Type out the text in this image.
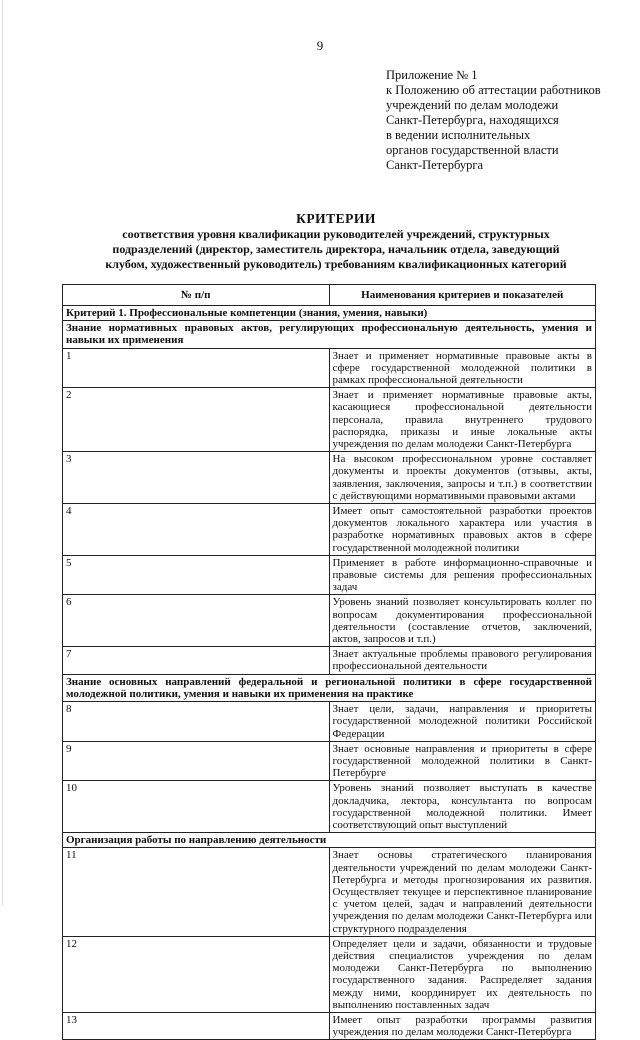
9
Приложение № 1
к Положению об аттестации работников
учреждений по делам молодежи
Санкт-Петербурга, находящихся
в ведении исполнительных
органов государственной власти
Санкт-Петербурга
КРИТЕРИИ
соответствия уровня квалификации руководителей учреждений, структурных
подразделений (директор, заместитель директора, начальник отдела, заведующий
клубом, художественный руководитель) требованиям квалификационных категорий
№ п/п	Наименования критериев и показателей
Критерий 1. Профессиональные компетенции (знания, умения, навыки)	
Знание нормативных правовых актов, регулирующих профессиональную деятельность, умения и навыки их применения	
1	Знает и применяет нормативные правовые акты в сфере государственной молодежной политики в рамках профессиональной деятельности
2	Знает и применяет нормативные правовые акты, касающиеся профессиональной деятельности персонала, правила внутреннего трудового распорядка, приказы и иные локальные акты учреждения по делам молодежи Санкт-Петербурга
3	На высоком профессиональном уровне составляет документы и проекты документов (отзывы, акты, заявления, заключения, запросы и т.п.) в соответствии с действующими нормативными правовыми актами
4	Имеет опыт самостоятельной разработки проектов документов локального характера или участия в разработке нормативных правовых актов в сфере государственной молодежной политики
5	Применяет в работе информационно-справочные и правовые системы для решения профессиональных задач
6	Уровень знаний позволяет консультировать коллег по вопросам документирования профессиональной деятельности (составление отчетов, заключений, актов, запросов и т.п.)
7	Знает актуальные проблемы правового регулирования профессиональной деятельности
Знание основных направлений федеральной и региональной политики в сфере государственной молодежной политики, умения и навыки их применения на практике	
8	Знает цели, задачи, направления и приоритеты государственной молодежной политики Российской Федерации
9	Знает основные направления и приоритеты в сфере государственной молодежной политики в Санкт-Петербурге
10	Уровень знаний позволяет выступать в качестве докладчика, лектора, консультанта по вопросам государственной молодежной политики. Имеет соответствующий опыт выступлений
Организация работы по направлению деятельности	
11	Знает основы стратегического планирования деятельности учреждений по делам молодежи Санкт-Петербурга и методы прогнозирования их развития. Осуществляет текущее и перспективное планирование с учетом целей, задач и направлений деятельности учреждения по делам молодежи Санкт-Петербурга или структурного подразделения
12	Определяет цели и задачи, обязанности и трудовые действия специалистов учреждения по делам молодежи Санкт-Петербурга по выполнению государственного задания. Распределяет задания между ними, координирует их деятельность по выполнению поставленных задач
13	Имеет опыт разработки программы развития учреждения по делам молодежи Санкт-Петербурга
